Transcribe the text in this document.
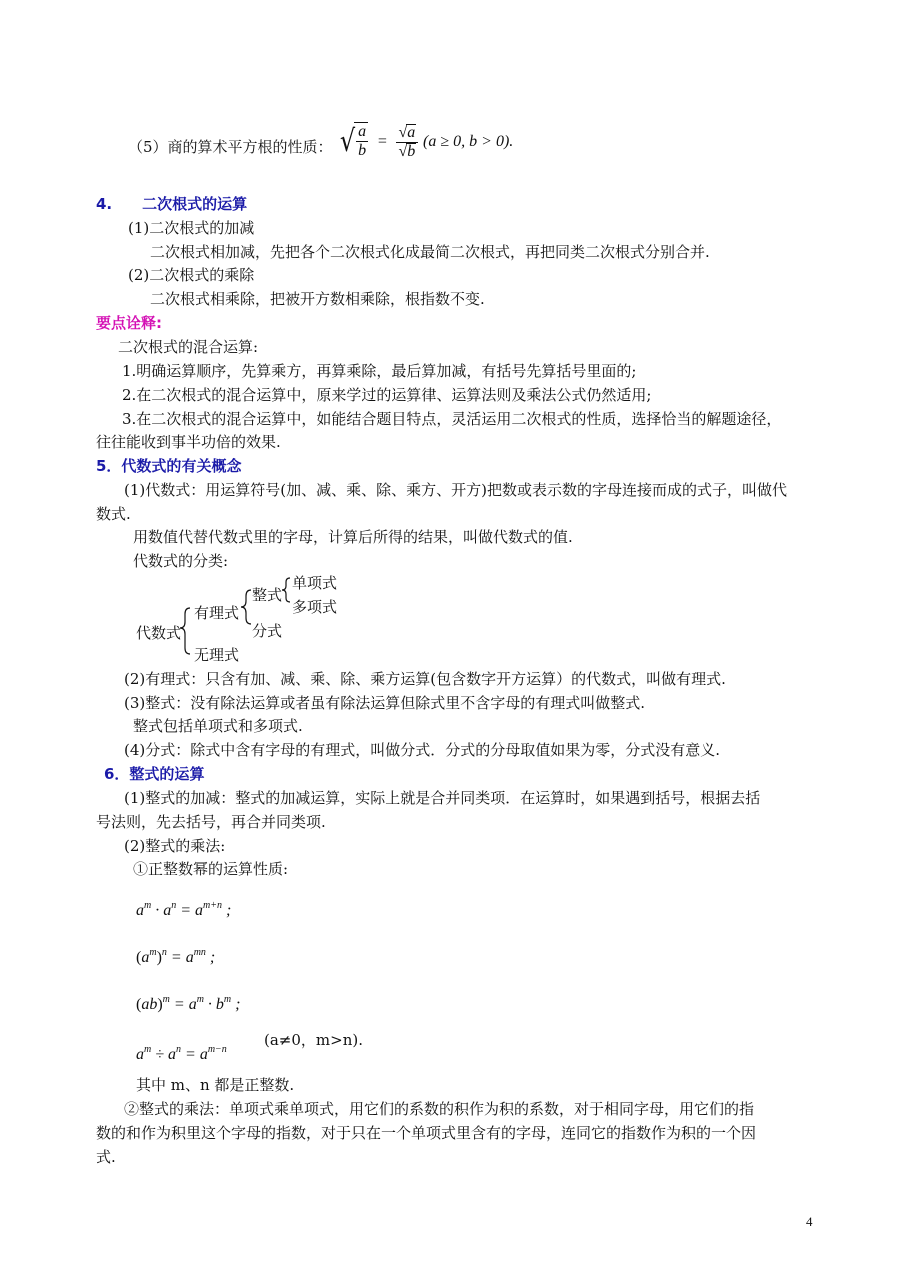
（5）商的算术平方根的性质： √ $\frac{a}{b} = \frac{√a}{√b} (a \ge 0$, b > 0).
4.　　二次根式的运算
(1)二次根式的加减
二次根式相加减，先把各个二次根式化成最简二次根式，再把同类二次根式分别合并.
(2)二次根式的乘除
二次根式相乘除，把被开方数相乘除，根指数不变.
要点诠释:
二次根式的混合运算:
1.明确运算顺序，先算乘方，再算乘除，最后算加减，有括号先算括号里面的;
2.在二次根式的混合运算中，原来学过的运算律、运算法则及乘法公式仍然适用;
3.在二次根式的混合运算中，如能结合题目特点，灵活运用二次根式的性质，选择恰当的解题途径，
往往能收到事半功倍的效果.
5．代数式的有关概念
(1)代数式：用运算符号(加、减、乘、除、乘方、开方)把数或表示数的字母连接而成的式子，叫做代
数式.
用数值代替代数式里的字母，计算后所得的结果，叫做代数式的值.
代数式的分类:
代数式
有理式
无理式
整式
分式
单项式
多项式
(2)有理式：只含有加、减、乘、除、乘方运算(包含数字开方运算）的代数式，叫做有理式.
(3)整式：没有除法运算或者虽有除法运算但除式里不含字母的有理式叫做整式.
整式包括单项式和多项式.
(4)分式：除式中含有字母的有理式，叫做分式．分式的分母取值如果为零，分式没有意义.
6．整式的运算
(1)整式的加减：整式的加减运算，实际上就是合并同类项．在运算时，如果遇到括号，根据去括
号法则，先去括号，再合并同类项.
(2)整式的乘法:
①正整数幂的运算性质:
$a^m \cdot a^n = a^{m+n}$ ;
$(a^m)^n = a^{mn}$ ;
$(ab)^m = a^m \cdot b^m$ ;
$a^m \div a^n = a^{m-n}$
(a≠0，m>n).
其中 m、n 都是正整数.
②整式的乘法：单项式乘单项式，用它们的系数的积作为积的系数，对于相同字母，用它们的指
数的和作为积里这个字母的指数，对于只在一个单项式里含有的字母，连同它的指数作为积的一个因
式.
4
